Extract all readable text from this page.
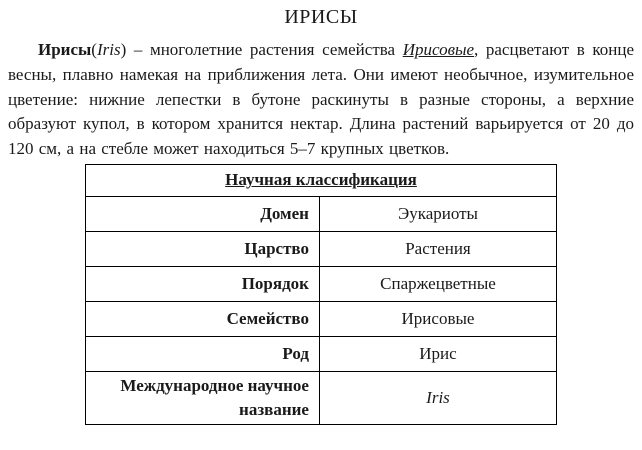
ИРИСЫ

Ирисы(Iris) – многолетние растения семейства Ирисовые, расцветают в конце весны, плавно намекая на приближения лета. Они имеют необычное, изумительное цветение: нижние лепестки в бутоне раскинуты в разные стороны, а верхние образуют купол, в котором хранится нектар. Длина растений варьируется от 20 до 120 см, а на стебле может находиться 5–7 крупных цветков.

Научная классификация	
Домен	Эукариоты
Царство	Растения
Порядок	Спаржецветные
Семейство	Ирисовые
Род	Ирис
Международное научное название	Iris
